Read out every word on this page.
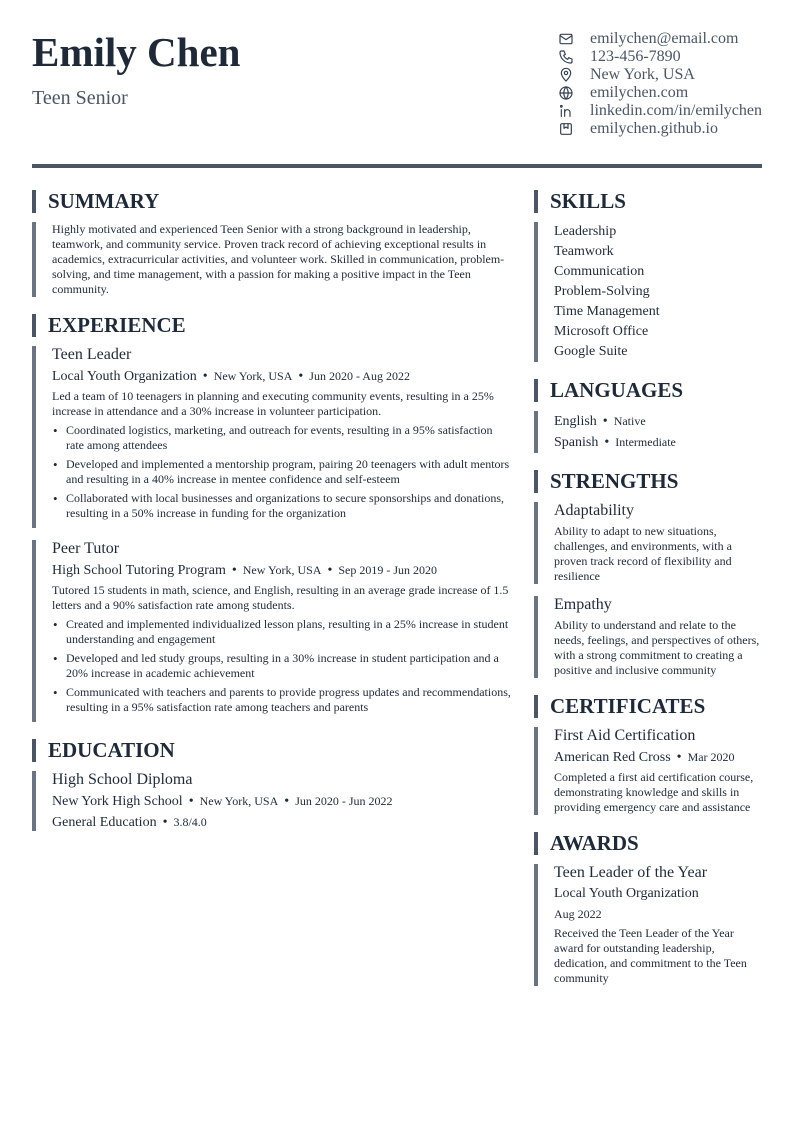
Emily Chen
Teen Senior
emilychen@email.com
123-456-7890
New York, USA
emilychen.com
linkedin.com/in/emilychen
emilychen.github.io
SUMMARY
Highly motivated and experienced Teen Senior with a strong background in leadership, teamwork, and community service. Proven track record of achieving exceptional results in academics, extracurricular activities, and volunteer work. Skilled in communication, problem-solving, and time management, with a passion for making a positive impact in the Teen community.
EXPERIENCE
Teen Leader
Local Youth Organization • New York, USA • Jun 2020 - Aug 2022
Led a team of 10 teenagers in planning and executing community events, resulting in a 25% increase in attendance and a 30% increase in volunteer participation.
• Coordinated logistics, marketing, and outreach for events, resulting in a 95% satisfaction rate among attendees
• Developed and implemented a mentorship program, pairing 20 teenagers with adult mentors and resulting in a 40% increase in mentee confidence and self-esteem
• Collaborated with local businesses and organizations to secure sponsorships and donations, resulting in a 50% increase in funding for the organization
Peer Tutor
High School Tutoring Program • New York, USA • Sep 2019 - Jun 2020
Tutored 15 students in math, science, and English, resulting in an average grade increase of 1.5 letters and a 90% satisfaction rate among students.
• Created and implemented individualized lesson plans, resulting in a 25% increase in student understanding and engagement
• Developed and led study groups, resulting in a 30% increase in student participation and a 20% increase in academic achievement
• Communicated with teachers and parents to provide progress updates and recommendations, resulting in a 95% satisfaction rate among teachers and parents
EDUCATION
High School Diploma
New York High School • New York, USA • Jun 2020 - Jun 2022
General Education • 3.8/4.0
SKILLS
Leadership
Teamwork
Communication
Problem-Solving
Time Management
Microsoft Office
Google Suite
LANGUAGES
English • Native
Spanish • Intermediate
STRENGTHS
Adaptability
Ability to adapt to new situations, challenges, and environments, with a proven track record of flexibility and resilience
Empathy
Ability to understand and relate to the needs, feelings, and perspectives of others, with a strong commitment to creating a positive and inclusive community
CERTIFICATES
First Aid Certification
American Red Cross • Mar 2020
Completed a first aid certification course, demonstrating knowledge and skills in providing emergency care and assistance
AWARDS
Teen Leader of the Year
Local Youth Organization
Aug 2022
Received the Teen Leader of the Year award for outstanding leadership, dedication, and commitment to the Teen community
